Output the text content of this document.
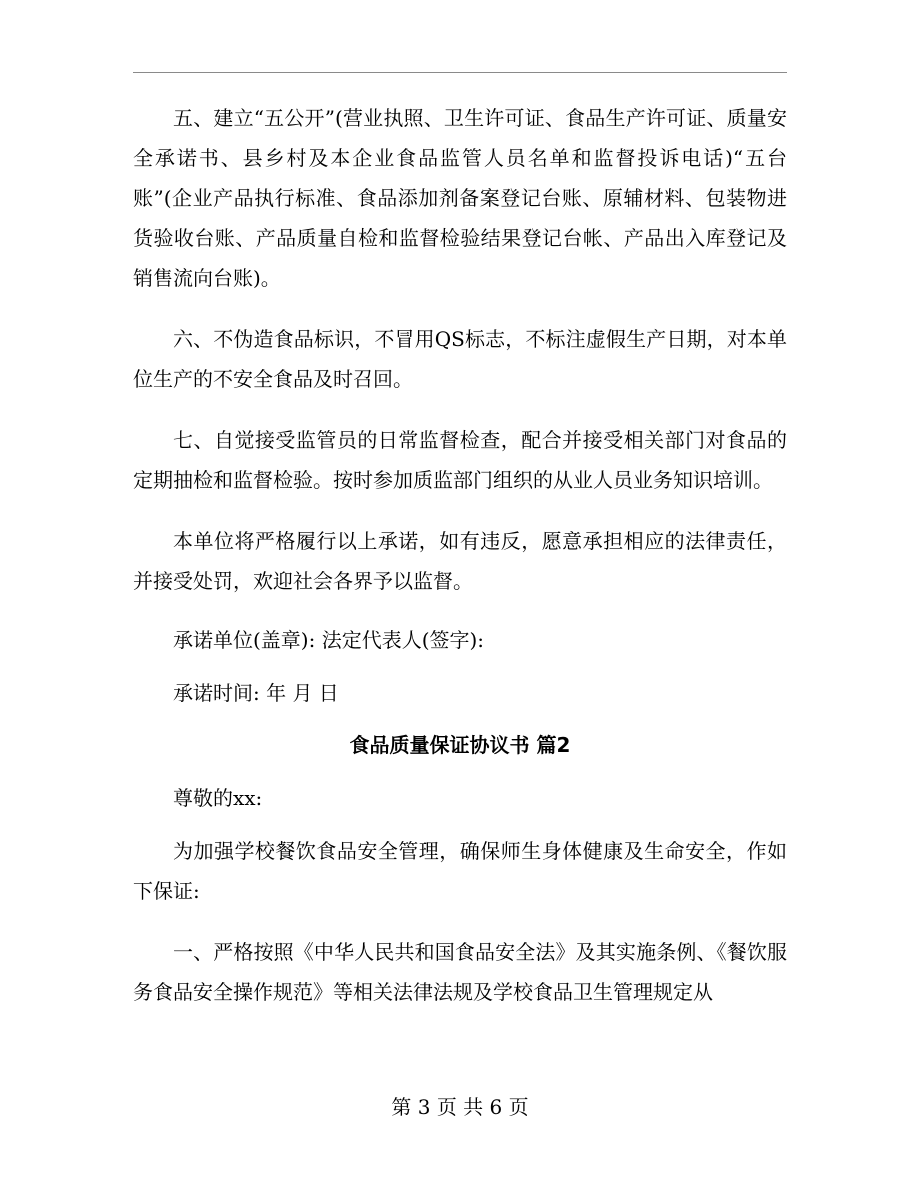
五、建立“五公开”(营业执照、卫生许可证、食品生产许可证、质量安全承诺书、县乡村及本企业食品监管人员名单和监督投诉电话)“五台账”(企业产品执行标准、食品添加剂备案登记台账、原辅材料、包装物进货验收台账、产品质量自检和监督检验结果登记台帐、产品出入库登记及销售流向台账)。

六、不伪造食品标识，不冒用QS标志，不标注虚假生产日期，对本单位生产的不安全食品及时召回。

七、自觉接受监管员的日常监督检查，配合并接受相关部门对食品的定期抽检和监督检验。按时参加质监部门组织的从业人员业务知识培训。

本单位将严格履行以上承诺，如有违反，愿意承担相应的法律责任，并接受处罚，欢迎社会各界予以监督。

承诺单位(盖章): 法定代表人(签字):

承诺时间: 年 月 日

食品质量保证协议书 篇2

尊敬的xx:

为加强学校餐饮食品安全管理，确保师生身体健康及生命安全，作如下保证:

一、严格按照《中华人民共和国食品安全法》及其实施条例、《餐饮服务食品安全操作规范》等相关法律法规及学校食品卫生管理规定从

第 3 页 共 6 页
